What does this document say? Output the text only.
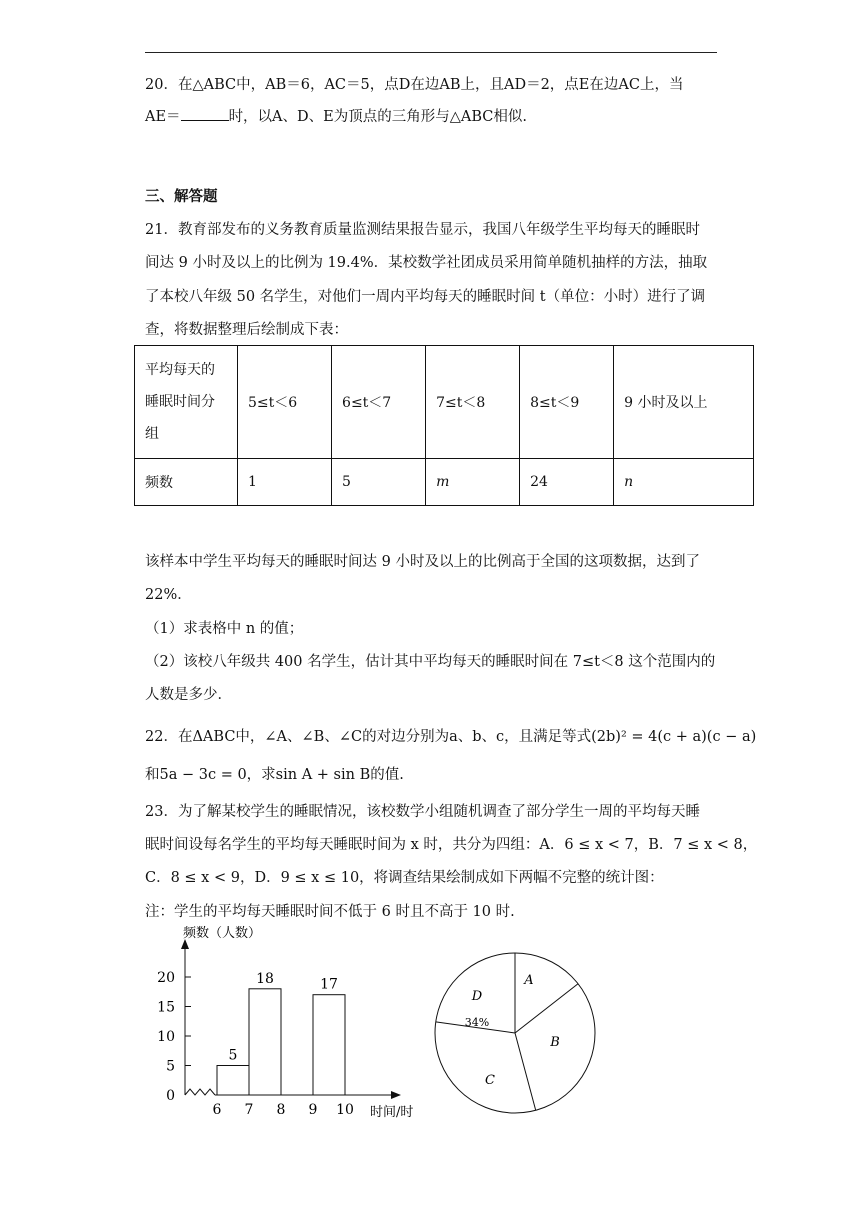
20．在△ABC中，AB＝6，AC＝5，点D在边AB上，且AD＝2，点E在边AC上，当
AE＝	时，以A、D、E为顶点的三角形与△ABC相似.
三、解答题
21．教育部发布的义务教育质量监测结果报告显示，我国八年级学生平均每天的睡眠时
间达 9 小时及以上的比例为 19.4%．某校数学社团成员采用简单随机抽样的方法，抽取
了本校八年级 50 名学生，对他们一周内平均每天的睡眠时间 t（单位：小时）进行了调
查，将数据整理后绘制成下表：
平均每天的
睡眠时间分
组	5≤t＜6	6≤t＜7	7≤t＜8	8≤t＜9	9 小时及以上
频数	1	5	m	24	n
该样本中学生平均每天的睡眠时间达 9 小时及以上的比例高于全国的这项数据，达到了
22%．
（1）求表格中 n 的值；
（2）该校八年级共 400 名学生，估计其中平均每天的睡眠时间在 7≤t＜8 这个范围内的
人数是多少．
22．在ΔABC中，∠A、∠B、∠C的对边分别为a、b、c，且满足等式(2b)² = 4(c + a)(c − a)
和5a − 3c = 0，求sin A + sin B的值.
23．为了解某校学生的睡眠情况，该校数学小组随机调查了部分学生一周的平均每天睡
眠时间设每名学生的平均每天睡眠时间为 x 时，共分为四组：A．6 ≤ x < 7，B．7 ≤ x < 8，
C．8 ≤ x < 9，D．9 ≤ x ≤ 10，将调查结果绘制成如下两幅不完整的统计图：
注：学生的平均每天睡眠时间不低于 6 时且不高于 10 时.
0
5
10
15
20
频数（人数）
6 7 8 9 10 时间/时
5
18	17	A
B
C
D
34%
